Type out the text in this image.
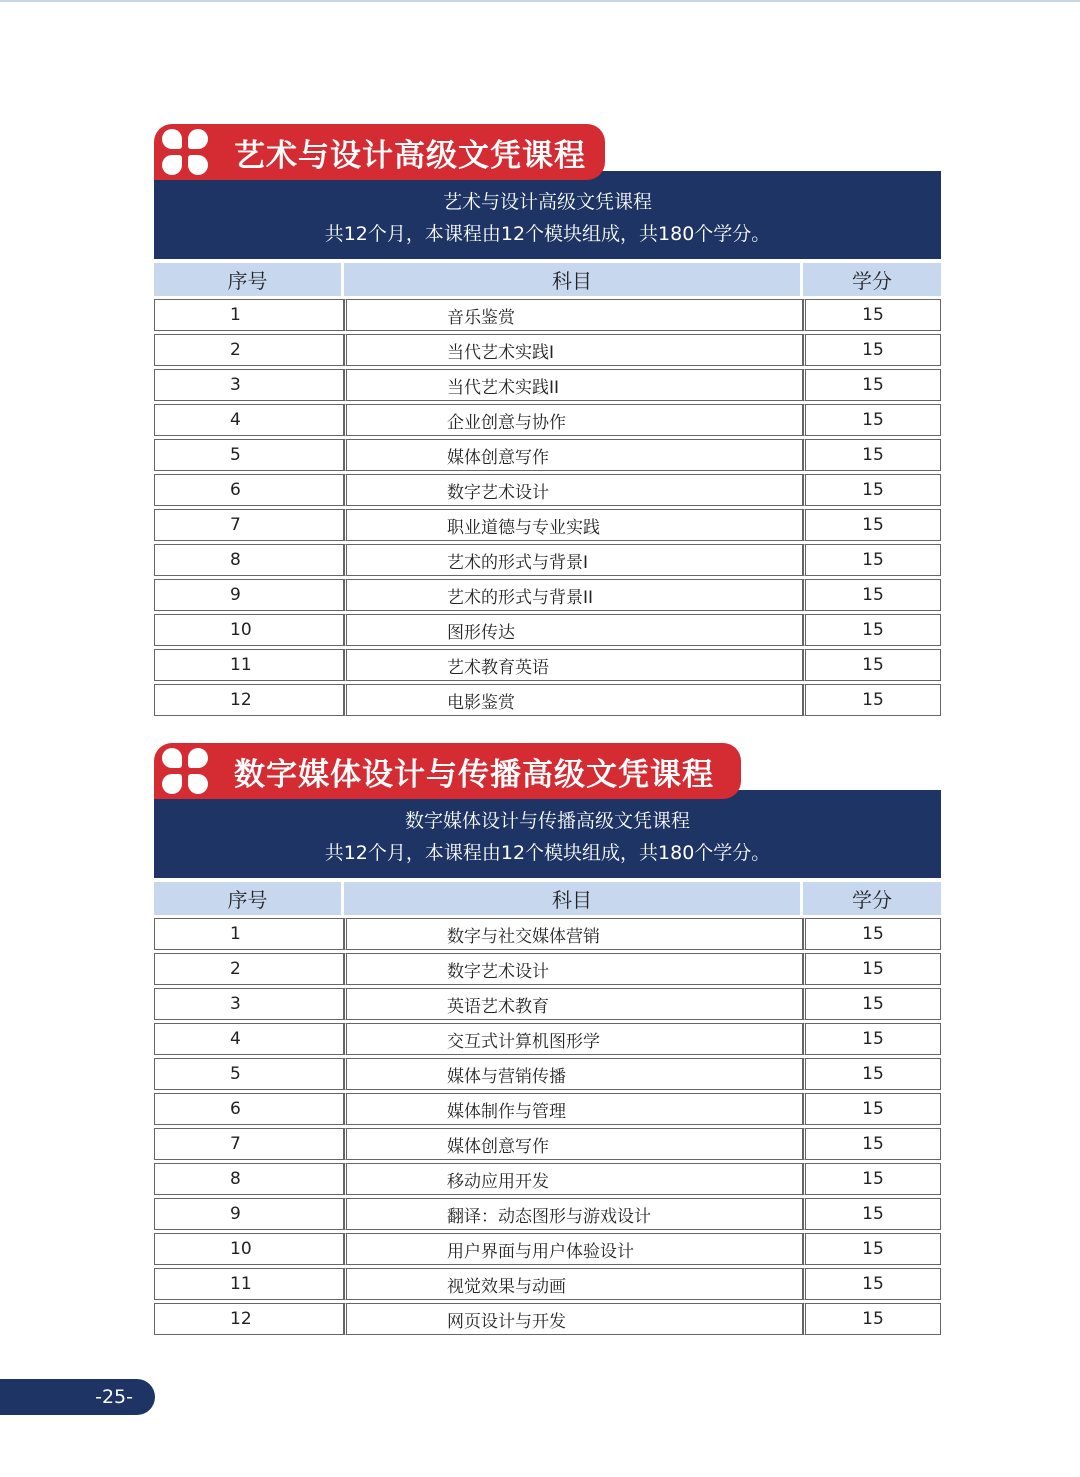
艺术与设计高级文凭课程
艺术与设计高级文凭课程
共12个月，本课程由12个模块组成，共180个学分。
序号	科目	学分
1	音乐鉴赏	15
2	当代艺术实践I	15
3	当代艺术实践II	15
4	企业创意与协作	15
5	媒体创意写作	15
6	数字艺术设计	15
7	职业道德与专业实践	15
8	艺术的形式与背景I	15
9	艺术的形式与背景II	15
10	图形传达	15
11	艺术教育英语	15
12	电影鉴赏	15
数字媒体设计与传播高级文凭课程
数字媒体设计与传播高级文凭课程
共12个月，本课程由12个模块组成，共180个学分。
序号	科目	学分
1	数字与社交媒体营销	15
2	数字艺术设计	15
3	英语艺术教育	15
4	交互式计算机图形学	15
5	媒体与营销传播	15
6	媒体制作与管理	15
7	媒体创意写作	15
8	移动应用开发	15
9	翻译：动态图形与游戏设计	15
10	用户界面与用户体验设计	15
11	视觉效果与动画	15
12	网页设计与开发	15
-25-
